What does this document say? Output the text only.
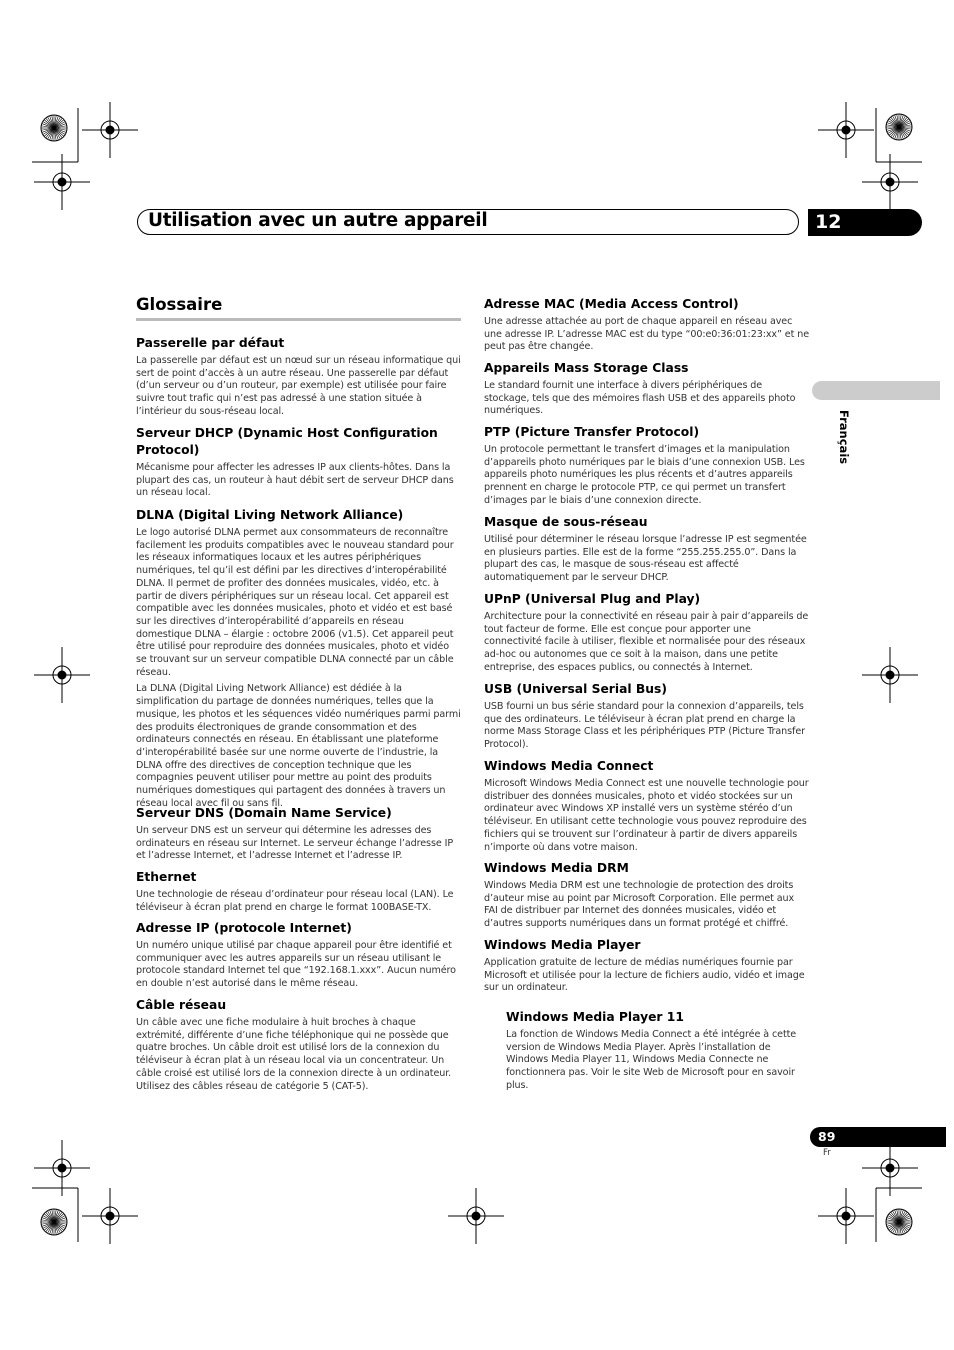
Utilisation avec un autre appareil	12
Français
Glossaire
Passerelle par défaut

La passerelle par défaut est un nœud sur un réseau informatique qui sert de point d’accès à un autre réseau. Une passerelle par défaut (d’un serveur ou d’un routeur, par exemple) est utilisée pour faire suivre tout trafic qui n’est pas adressé à une station située à l’intérieur du sous-réseau local.

Serveur DHCP (Dynamic Host Configuration Protocol)

Mécanisme pour affecter les adresses IP aux clients-hôtes. Dans la plupart des cas, un routeur à haut débit sert de serveur DHCP dans un réseau local.

DLNA (Digital Living Network Alliance)

Le logo autorisé DLNA permet aux consommateurs de reconnaître facilement les produits compatibles avec le nouveau standard pour les réseaux informatiques locaux et les autres périphériques numériques, tel qu’il est défini par les directives d’interopérabilité DLNA. Il permet de profiter des données musicales, vidéo, etc. à partir de divers périphériques sur un réseau local. Cet appareil est compatible avec les données musicales, photo et vidéo et est basé sur les directives d’interopérabilité d’appareils en réseau domestique DLNA – élargie : octobre 2006 (v1.5). Cet appareil peut être utilisé pour reproduire des données musicales, photo et vidéo se trouvant sur un serveur compatible DLNA connecté par un câble réseau.

La DLNA (Digital Living Network Alliance) est dédiée à la simplification du partage de données numériques, telles que la musique, les photos et les séquences vidéo numériques parmi parmi des produits électroniques de grande consommation et des ordinateurs connectés en réseau. En établissant une plateforme d’interopérabilité basée sur une norme ouverte de l’industrie, la DLNA offre des directives de conception technique que les compagnies peuvent utiliser pour mettre au point des produits numériques domestiques qui partagent des données à travers un réseau local avec fil ou sans fil.

Serveur DNS (Domain Name Service)

Un serveur DNS est un serveur qui détermine les adresses des ordinateurs en réseau sur Internet. Le serveur échange l’adresse IP et l’adresse Internet, et l’adresse Internet et l’adresse IP.

Ethernet

Une technologie de réseau d’ordinateur pour réseau local (LAN). Le téléviseur à écran plat prend en charge le format 100BASE-TX.

Adresse IP (protocole Internet)

Un numéro unique utilisé par chaque appareil pour être identifié et communiquer avec les autres appareils sur un réseau utilisant le protocole standard Internet tel que “192.168.1.xxx”. Aucun numéro en double n’est autorisé dans le même réseau.

Câble réseau

Un câble avec une fiche modulaire à huit broches à chaque extrémité, différente d’une fiche téléphonique qui ne possède que quatre broches. Un câble droit est utilisé lors de la connexion du téléviseur à écran plat à un réseau local via un concentrateur. Un câble croisé est utilisé lors de la connexion directe à un ordinateur. Utilisez des câbles réseau de catégorie 5 (CAT-5).

Adresse MAC (Media Access Control)

Une adresse attachée au port de chaque appareil en réseau avec une adresse IP. L’adresse MAC est du type “00:e0:36:01:23:xx” et ne peut pas être changée.

Appareils Mass Storage Class

Le standard fournit une interface à divers périphériques de stockage, tels que des mémoires flash USB et des appareils photo numériques.

PTP (Picture Transfer Protocol)

Un protocole permettant le transfert d’images et la manipulation d’appareils photo numériques par le biais d’une connexion USB. Les appareils photo numériques les plus récents et d’autres appareils prennent en charge le protocole PTP, ce qui permet un transfert d’images par le biais d’une connexion directe.

Masque de sous-réseau

Utilisé pour déterminer le réseau lorsque l’adresse IP est segmentée en plusieurs parties. Elle est de la forme “255.255.255.0”. Dans la plupart des cas, le masque de sous-réseau est affecté automatiquement par le serveur DHCP.

UPnP (Universal Plug and Play)

Architecture pour la connectivité en réseau pair à pair d’appareils de tout facteur de forme. Elle est conçue pour apporter une connectivité facile à utiliser, flexible et normalisée pour des réseaux ad-hoc ou autonomes que ce soit à la maison, dans une petite entreprise, des espaces publics, ou connectés à Internet.

USB (Universal Serial Bus)

USB fourni un bus série standard pour la connexion d’appareils, tels que des ordinateurs. Le téléviseur à écran plat prend en charge la norme Mass Storage Class et les périphériques PTP (Picture Transfer Protocol).

Windows Media Connect

Microsoft Windows Media Connect est une nouvelle technologie pour distribuer des données musicales, photo et vidéo stockées sur un ordinateur avec Windows XP installé vers un système stéréo d’un téléviseur. En utilisant cette technologie vous pouvez reproduire des fichiers qui se trouvent sur l’ordinateur à partir de divers appareils n’importe où dans votre maison.

Windows Media DRM

Windows Media DRM est une technologie de protection des droits d’auteur mise au point par Microsoft Corporation. Elle permet aux FAI de distribuer par Internet des données musicales, vidéo et d’autres supports numériques dans un format protégé et chiffré.

Windows Media Player

Application gratuite de lecture de médias numériques fournie par Microsoft et utilisée pour la lecture de fichiers audio, vidéo et image sur un ordinateur.

Windows Media Player 11

La fonction de Windows Media Connect a été intégrée à cette version de Windows Media Player. Après l’installation de Windows Media Player 11, Windows Media Connecte ne fonctionnera pas. Voir le site Web de Microsoft pour en savoir plus.

89
Fr
